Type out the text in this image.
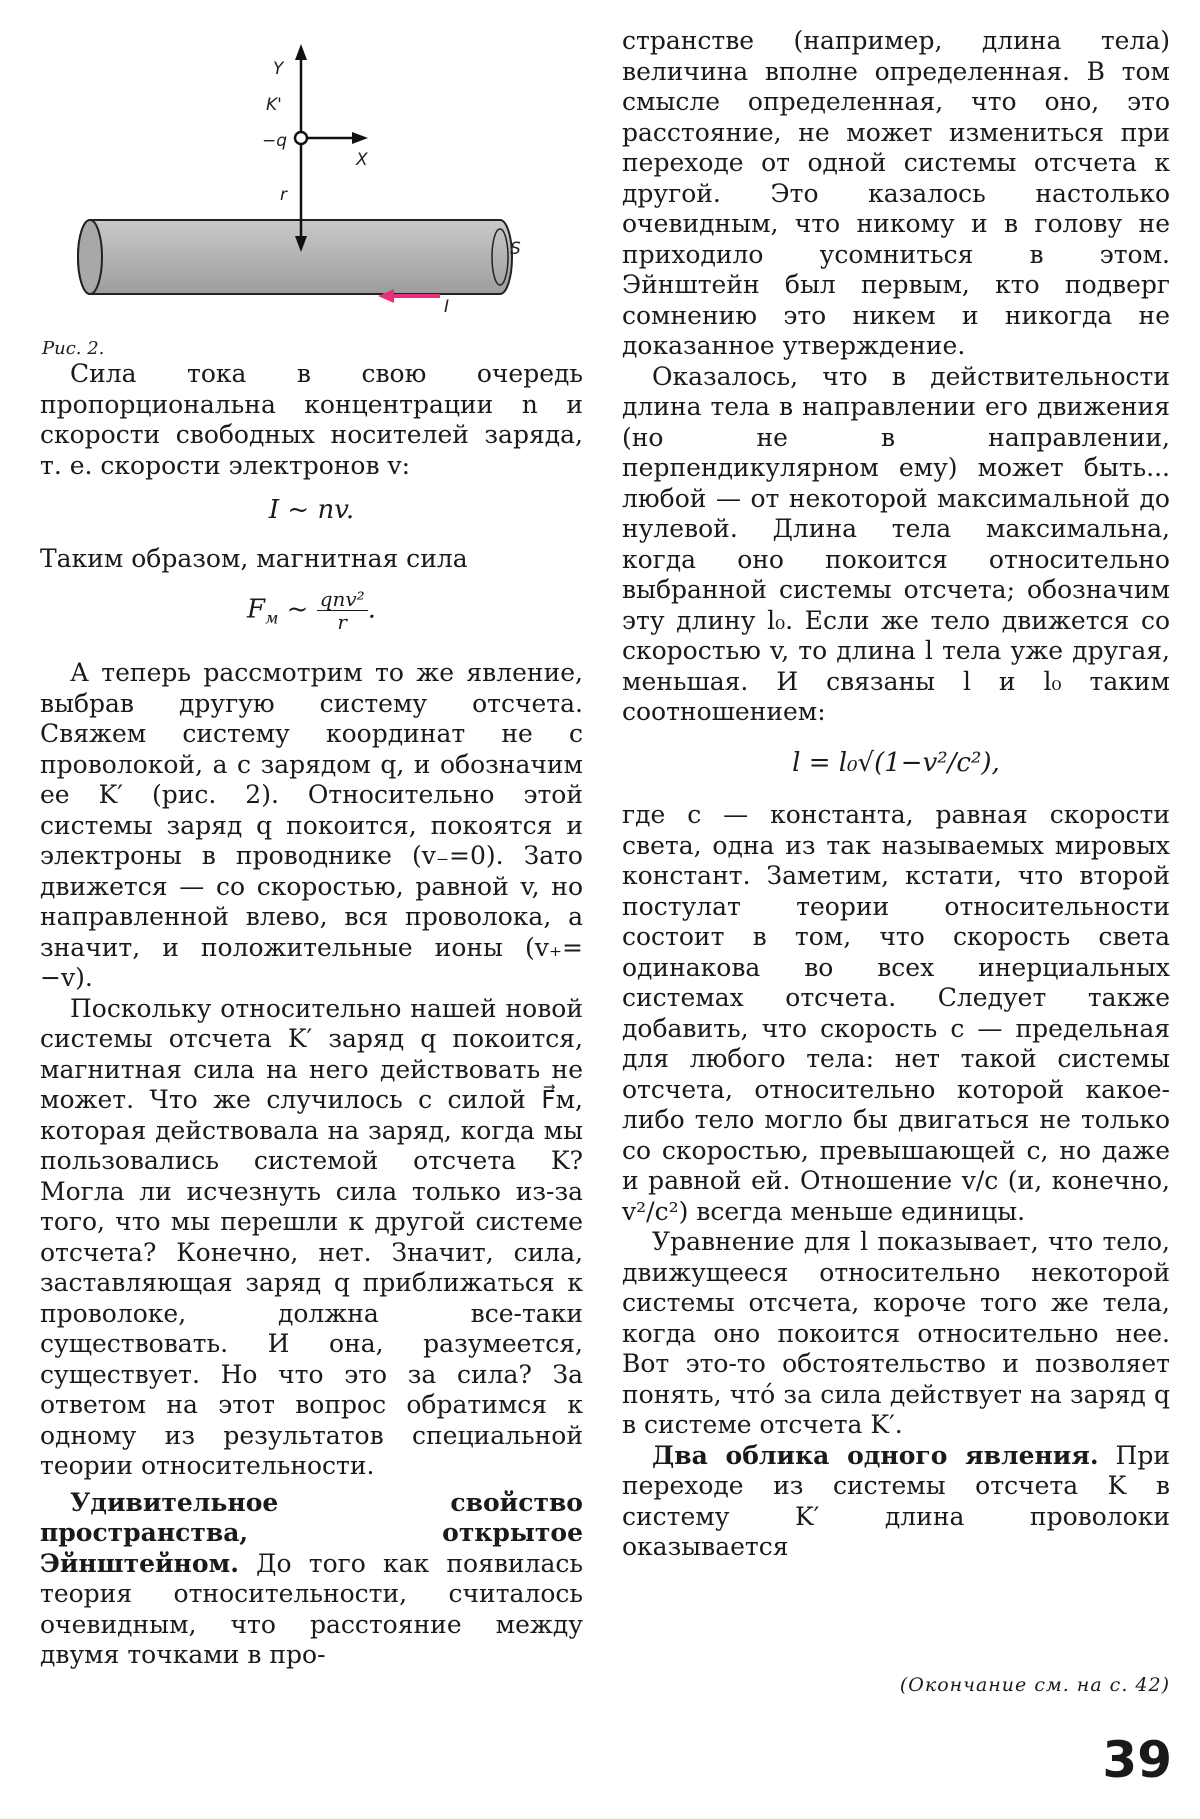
Y
K'
−q
X
r
S
I
Рис. 2.

Сила тока в свою очередь пропорциональна концентрации n и скорости свободных носителей заряда, т. е. скорости электронов v:

I ~ nv.

Таким образом, магнитная сила

$F_м$ ~ $\frac{\text{qnv²}}{r}$ .

А теперь рассмотрим то же явление, выбрав другую систему отсчета. Свяжем систему координат не с проволокой, а с зарядом q, и обозначим ее K′ (рис. 2). Относительно этой системы заряд q покоится, покоятся и электроны в проводнике (v₋=0). Зато движется — со скоростью, равной v, но направленной влево, вся проволока, а значит, и положительные ионы (v₊= −v).

Поскольку относительно нашей новой системы отсчета K′ заряд q покоится, магнитная сила на него действовать не может. Что же случилось с силой F⃗м, которая действовала на заряд, когда мы пользовались системой отсчета K? Могла ли исчезнуть сила только из-за того, что мы перешли к другой системе отсчета? Конечно, нет. Значит, сила, заставляющая заряд q приближаться к проволоке, должна все-таки существовать. И она, разумеется, существует. Но что это за сила? За ответом на этот вопрос обратимся к одному из результатов специальной теории относительности.

Удивительное свойство пространства, открытое Эйнштейном. До того как появилась теория относительности, считалось очевидным, что расстояние между двумя точками в про-

странстве (например, длина тела) величина вполне определенная. В том смысле определенная, что оно, это расстояние, не может измениться при переходе от одной системы отсчета к другой. Это казалось настолько очевидным, что никому и в голову не приходило усомниться в этом. Эйнштейн был первым, кто подверг сомнению это никем и никогда не доказанное утверждение.

Оказалось, что в действительности длина тела в направлении его движения (но не в направлении, перпендикулярном ему) может быть... любой — от некоторой максимальной до нулевой. Длина тела максимальна, когда оно покоится относительно выбранной системы отсчета; обозначим эту длину l₀. Если же тело движется со скоростью v, то длина l тела уже другая, меньшая. И связаны l и l₀ таким соотношением:

l = l₀√(1−v²/c²),

где c — константа, равная скорости света, одна из так называемых мировых констант. Заметим, кстати, что второй постулат теории относительности состоит в том, что скорость света одинакова во всех инерциальных системах отсчета. Следует также добавить, что скорость c — предельная для любого тела: нет такой системы отсчета, относительно которой какое-либо тело могло бы двигаться не только со скоростью, превышающей c, но даже и равной ей. Отношение v/c (и, конечно, v²/c²) всегда меньше единицы.

Уравнение для l показывает, что тело, движущееся относительно некоторой системы отсчета, короче того же тела, когда оно покоится относительно нее. Вот это-то обстоятельство и позволяет понять, что́ за сила действует на заряд q в системе отсчета K′.

Два облика одного явления. При переходе из системы отсчета K в систему K′ длина проволоки оказывается

(Окончание см. на с. 42)
39
